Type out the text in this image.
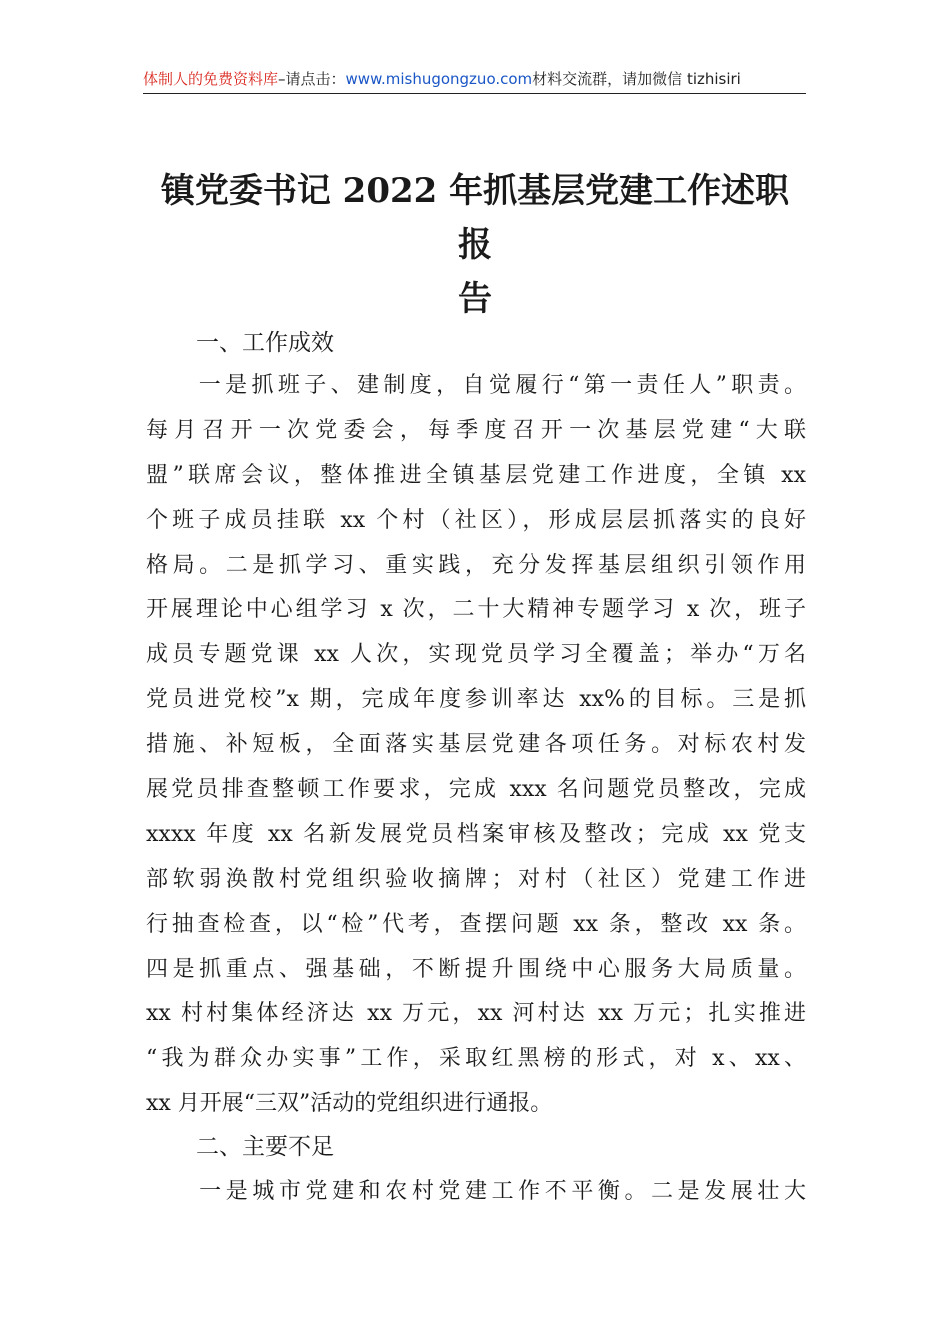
体制人的免费资料库–请点击：www.mishugongzuo.com材料交流群，请加微信 tizhisiri
镇党委书记 2022 年抓基层党建工作述职报
告
一、工作成效
　　一是抓班子、建制度，自觉履行“第一责任人”职责。
每月召开一次党委会，每季度召开一次基层党建“大联
盟”联席会议，整体推进全镇基层党建工作进度，全镇 xx
个班子成员挂联 xx 个村（社区），形成层层抓落实的良好
格局。二是抓学习、重实践，充分发挥基层组织引领作用
开展理论中心组学习 x 次，二十大精神专题学习 x 次，班子
成员专题党课 xx 人次，实现党员学习全覆盖；举办“万名
党员进党校”x 期，完成年度参训率达 xx%的目标。三是抓
措施、补短板，全面落实基层党建各项任务。对标农村发
展党员排查整顿工作要求，完成 xxx 名问题党员整改，完成
xxxx 年度 xx 名新发展党员档案审核及整改；完成 xx 党支
部软弱涣散村党组织验收摘牌；对村（社区）党建工作进
行抽查检查，以“检”代考，查摆问题 xx 条，整改 xx 条。
四是抓重点、强基础，不断提升围绕中心服务大局质量。
xx 村村集体经济达 xx 万元，xx 河村达 xx 万元；扎实推进
“我为群众办实事”工作，采取红黑榜的形式，对 x、xx、
xx 月开展“三双”活动的党组织进行通报。
二、主要不足
　　一是城市党建和农村党建工作不平衡。二是发展壮大
